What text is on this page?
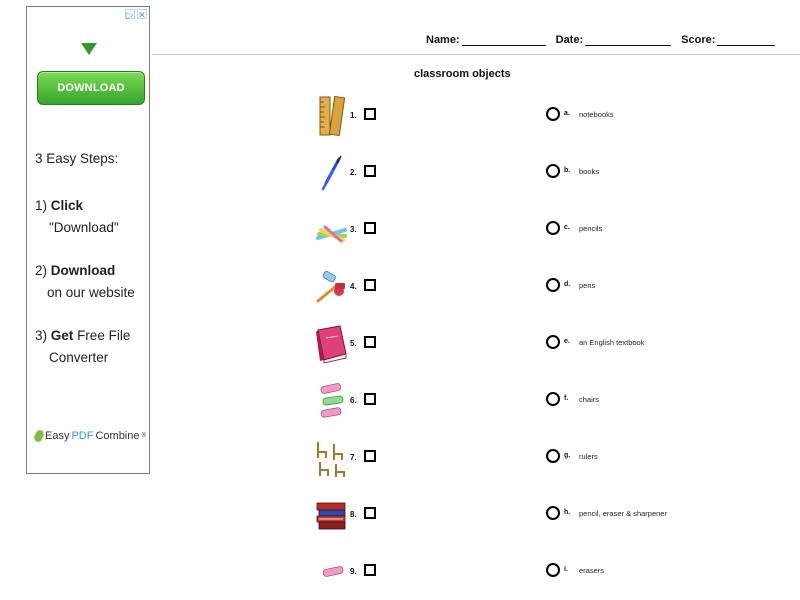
▷ ✕
DOWNLOAD
3 Easy Steps:
1) Click
"Download"
2) Download
on our website
3) Get Free File
Converter
Easy PDF Combine ®
Name:	Date:	Score:
classroom objects
1.	a. notebooks
2.	b. books
3.	c. pencils
4.	d. pens
5.	e. an English textbook
6.	f. chairs
7.	g. rulers
8.	h. pencil, eraser & sharpener
9.	i. erasers
